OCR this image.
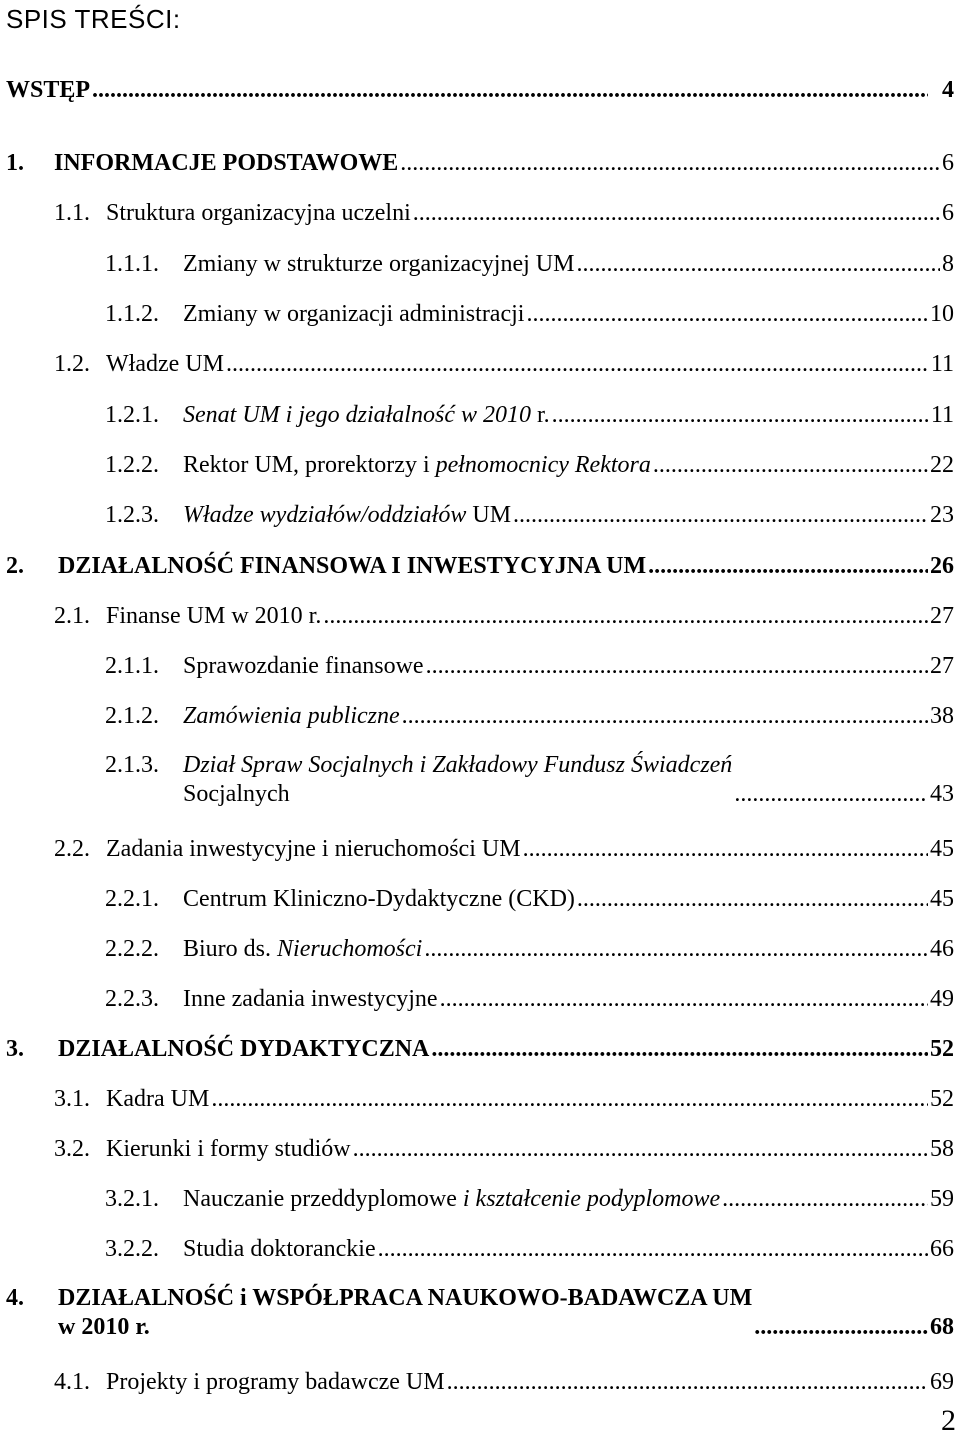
SPIS TREŚCI:
WSTĘP .....	4
1.	INFORMACJE PODSTAWOWE .....	6
1.1. Struktura organizacyjna uczelni .....	6
1.1.1.	Zmiany w strukturze organizacyjnej UM .....	8
1.1.2.	Zmiany w organizacji administracji .....	10
1.2. Władze UM .....	11
1.2.1.	Senat UM i jego działalność w 2010 r. .....	11
1.2.2.	Rektor UM, prorektorzy i pełnomocnicy Rektora .....	22
1.2.3.	Władze wydziałów/oddziałów UM .....	23
2.	DZIAŁALNOŚĆ FINANSOWA I INWESTYCYJNA UM .....	26
2.1. Finanse UM w 2010 r. .....	27
2.1.1.	Sprawozdanie finansowe .....	27
2.1.2.	Zamówienia publiczne .....	38
2.1.3.	Dział Spraw Socjalnych i Zakładowy Fundusz Świadczeń
Socjalnych .....	43
2.2. Zadania inwestycyjne i nieruchomości UM .....	45
2.2.1.	Centrum Kliniczno-Dydaktyczne (CKD) .....	45
2.2.2.	Biuro ds. Nieruchomości .....	46
2.2.3.	Inne zadania inwestycyjne .....	49
3.	DZIAŁALNOŚĆ DYDAKTYCZNA .....	52
3.1. Kadra UM .....	52
3.2. Kierunki i formy studiów .....	58
3.2.1.	Nauczanie przeddyplomowe i kształcenie podyplomowe .....	59
3.2.2.	Studia doktoranckie .....	66
4.	DZIAŁALNOŚĆ i WSPÓŁPRACA NAUKOWO-BADAWCZA UM
w 2010 r. .....	68
4.1. Projekty i programy badawcze UM .....	69
2
